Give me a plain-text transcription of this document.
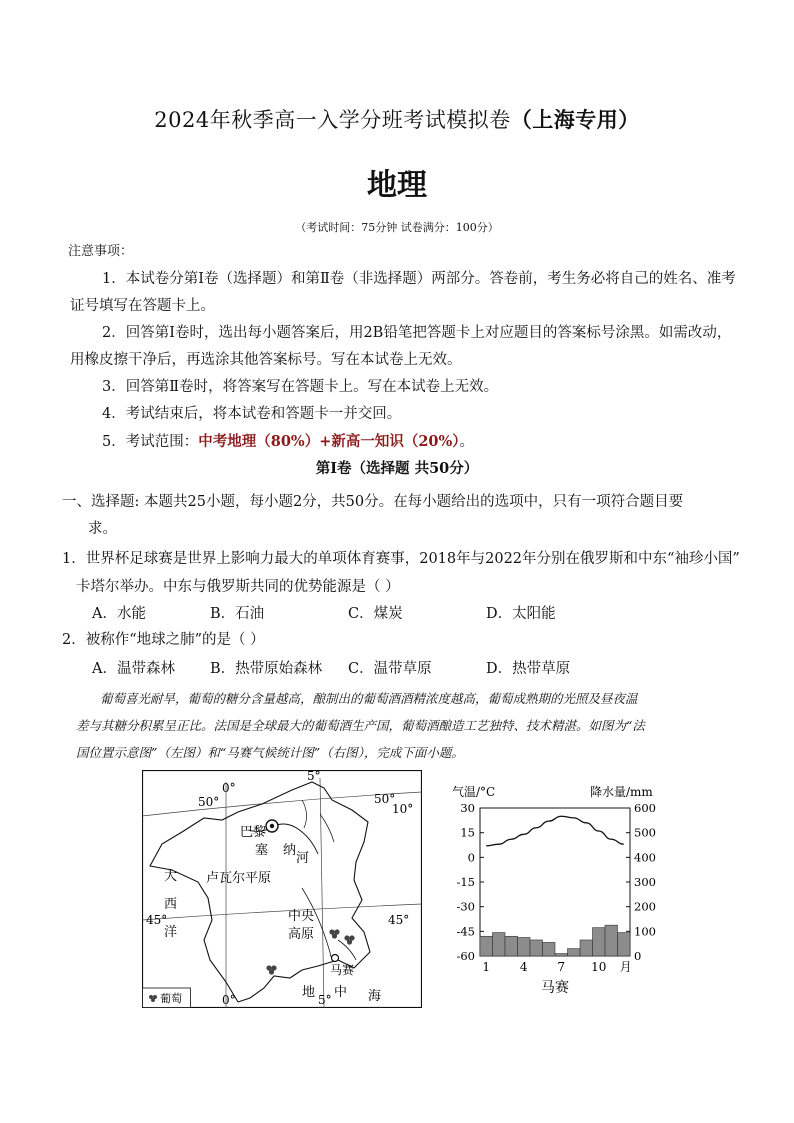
2024年秋季高一入学分班考试模拟卷（上海专用）
地理
（考试时间：75分钟 试卷满分：100分）
注意事项：
1．本试卷分第Ⅰ卷（选择题）和第Ⅱ卷（非选择题）两部分。答卷前，考生务必将自己的姓名、准考
证号填写在答题卡上。
2．回答第Ⅰ卷时，选出每小题答案后，用2B铅笔把答题卡上对应题目的答案标号涂黑。如需改动，
用橡皮擦干净后，再选涂其他答案标号。写在本试卷上无效。
3．回答第Ⅱ卷时，将答案写在答题卡上。写在本试卷上无效。
4．考试结束后，将本试卷和答题卡一并交回。
5．考试范围：中考地理（80%）+新高一知识（20%）。
第Ⅰ卷（选择题 共50分）
一、选择题: 本题共25小题，每小题2分，共50分。在每小题给出的选项中，只有一项符合题目要
求。
1．世界杯足球赛是世界上影响力最大的单项体育赛事，2018年与2022年分别在俄罗斯和中东“袖珍小国”
卡塔尔举办。中东与俄罗斯共同的优势能源是（ ）
A．水能	B．石油	C．煤炭	D．太阳能
2．被称作“地球之肺”的是（ ）
A．温带森林 B．热带原始森林 C．温带草原	D．热带草原
葡萄喜光耐旱，葡萄的糖分含量越高，酿制出的葡萄酒酒精浓度越高，葡萄成熟期的光照及昼夜温
差与其糖分积累呈正比。法国是全球最大的葡萄酒生产国，葡萄酒酿造工艺独特、技术精湛。如图为“法
国位置示意图”（左图）和“马赛气候统计图”（右图），完成下面小题。
50°	50°
0°
5°
10°
巴黎
塞 纳
河
卢瓦尔平原
大
西
洋
45°	45°
中央
高原
马赛
地 中 海
0°	5°
葡萄
气温/°C	降水量/mm
30
15
0
-15
-30
-45
-60
600
500
400
300
200
100
0
1 4 7 10 月
马赛
